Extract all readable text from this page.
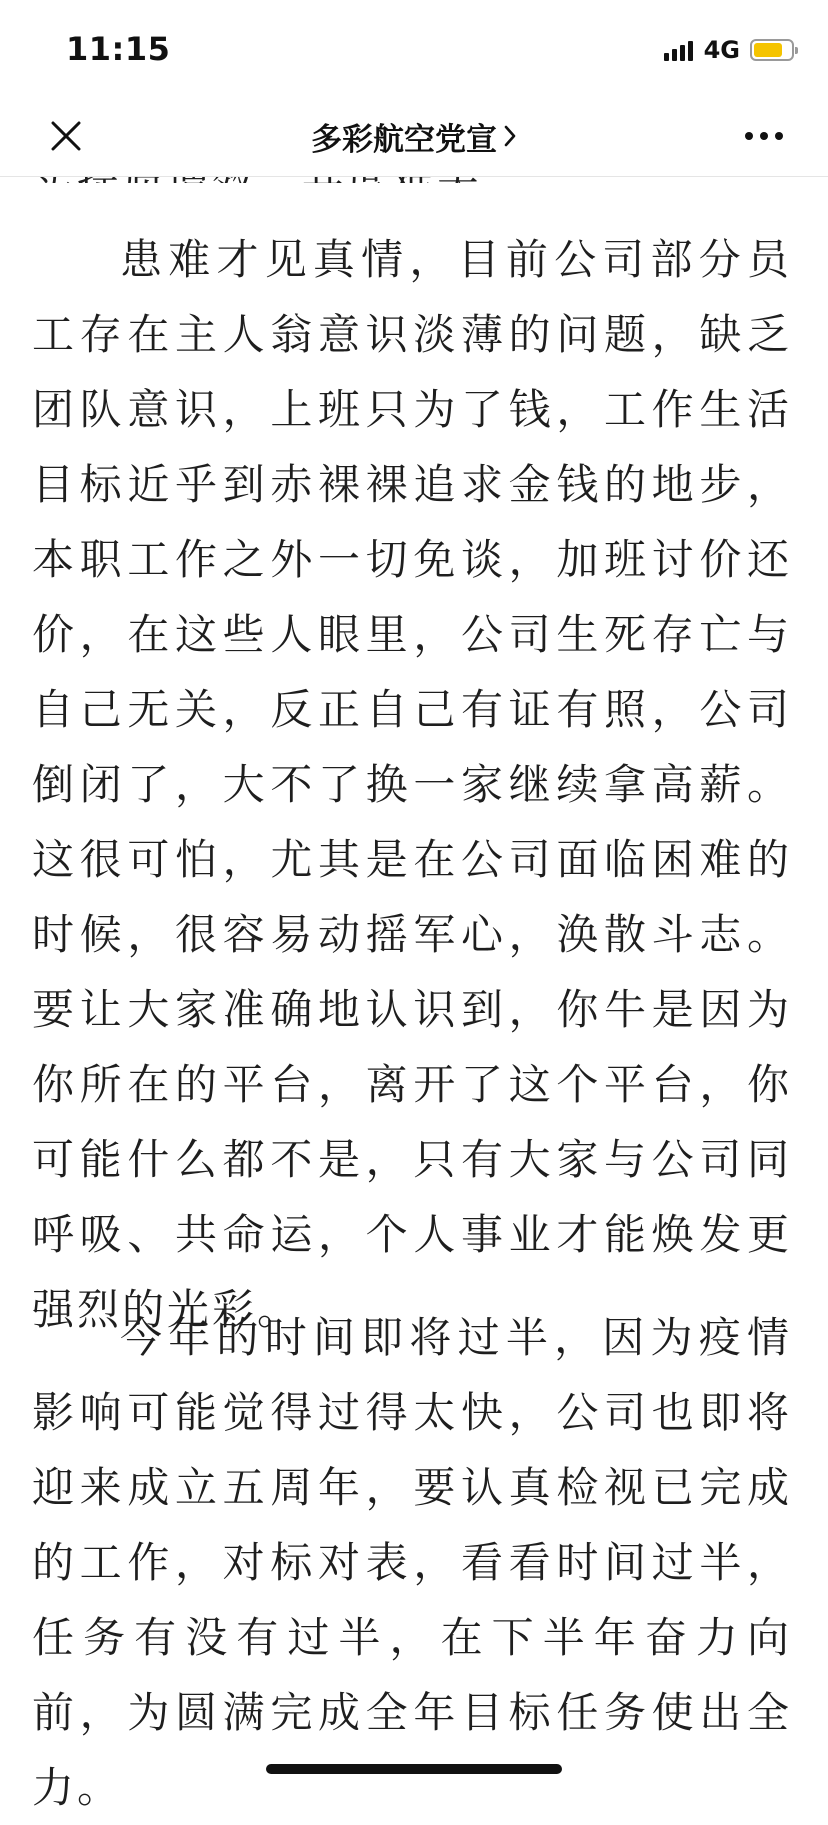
患难才见真情，目前公司部分员工存在主人翁意识淡薄的问题，缺乏团队意识，上班只为了钱，工作生活目标近乎到赤裸裸追求金钱的地步，本职工作之外一切免谈，加班讨价还价，在这些人眼里，公司生死存亡与自己无关，反正自己有证有照，公司倒闭了，大不了换一家继续拿高薪。这很可怕，尤其是在公司面临困难的时候，很容易动摇军心，涣散斗志。要让大家准确地认识到，你牛是因为你所在的平台，离开了这个平台，你可能什么都不是，只有大家与公司同呼吸、共命运，个人事业才能焕发更强烈的光彩。

今年的时间即将过半，因为疫情影响可能觉得过得太快，公司也即将迎来成立五周年，要认真检视已完成的工作，对标对表，看看时间过半，任务有没有过半，在下半年奋力向前，为圆满完成全年目标任务使出全力。

11:15	4G
多彩航空党宣
